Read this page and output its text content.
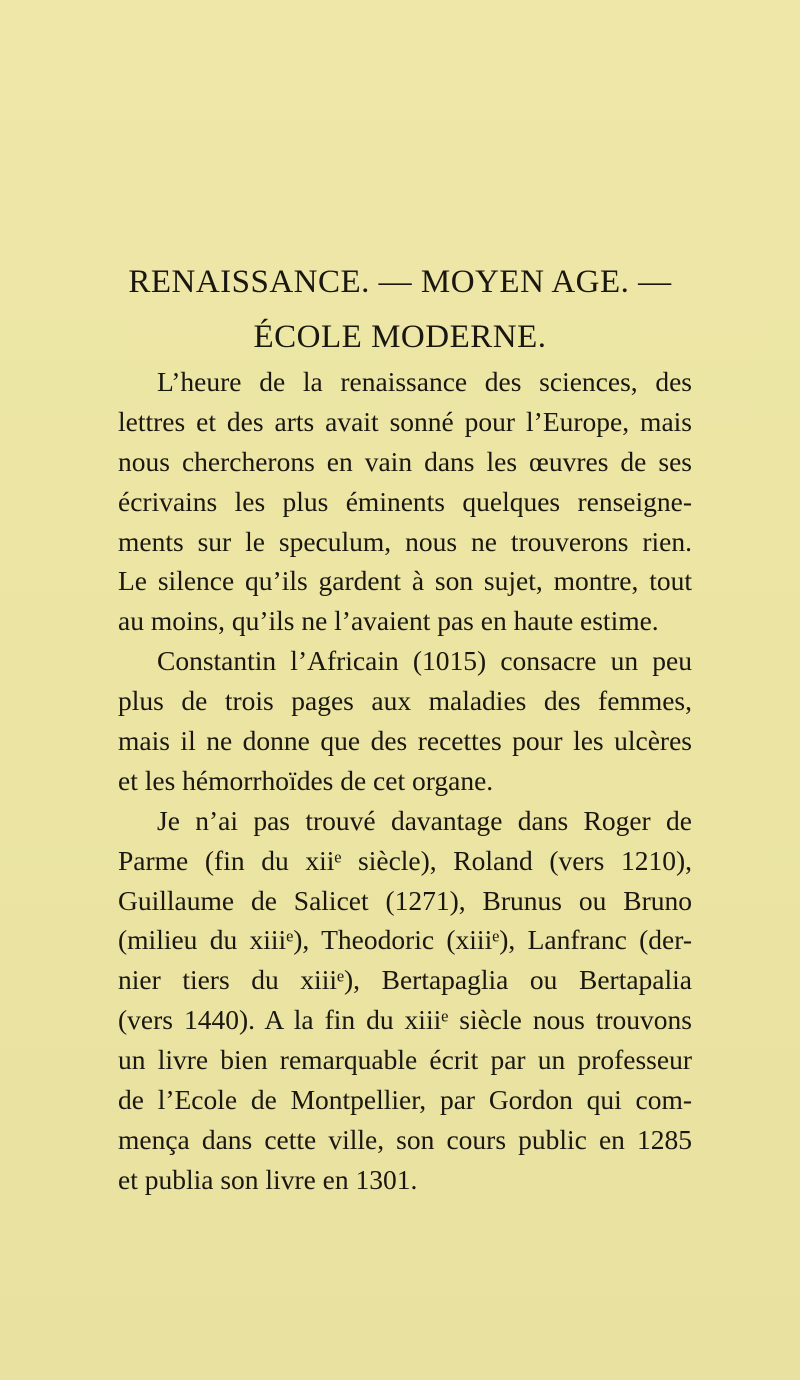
RENAISSANCE. — MOYEN AGE. —
ÉCOLE MODERNE.
L’heure de la renaissance des sciences, des
lettres et des arts avait sonné pour l’Europe, mais
nous chercherons en vain dans les œuvres de ses
écrivains les plus éminents quelques renseigne-
ments sur le speculum, nous ne trouverons rien.
Le silence qu’ils gardent à son sujet, montre, tout
au moins, qu’ils ne l’avaient pas en haute estime.
Constantin l’Africain (1015) consacre un peu
plus de trois pages aux maladies des femmes,
mais il ne donne que des recettes pour les ulcères
et les hémorrhoïdes de cet organe.
Je n’ai pas trouvé davantage dans Roger de
Parme (fin du xiiᵉ siècle), Roland (vers 1210),
Guillaume de Salicet (1271), Brunus ou Bruno
(milieu du xiiiᵉ), Theodoric (xiiiᵉ), Lanfranc (der-
nier tiers du xiiiᵉ), Bertapaglia ou Bertapalia
(vers 1440). A la fin du xiiiᵉ siècle nous trouvons
un livre bien remarquable écrit par un professeur
de l’Ecole de Montpellier, par Gordon qui com-
mença dans cette ville, son cours public en 1285
et publia son livre en 1301.
